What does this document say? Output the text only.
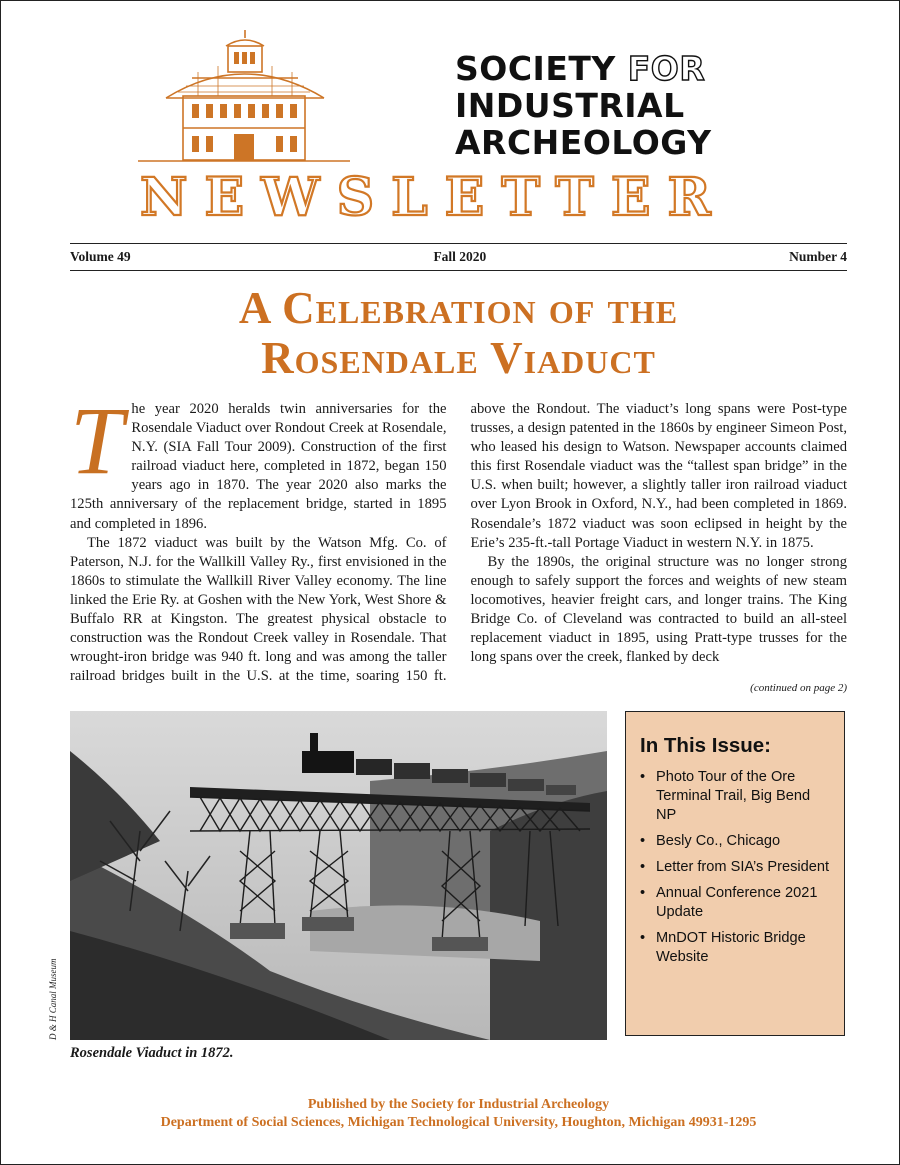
SOCIETY FOR
INDUSTRIAL
ARCHEOLOGY
NEWSLETTER
Volume 49	Fall 2020	Number 4
A Celebration of the
Rosendale Viaduct

The year 2020 heralds twin anniversaries for the Rosendale Viaduct over Rondout Creek at Rosendale, N.Y. (SIA Fall Tour 2009). Construction of the first railroad viaduct here, completed in 1872, began 150 years ago in 1870. The year 2020 also marks the 125th anniversary of the replacement bridge, started in 1895 and completed in 1896.

The 1872 viaduct was built by the Watson Mfg. Co. of Paterson, N.J. for the Wallkill Valley Ry., first envisioned in the 1860s to stimulate the Wallkill River Valley economy. The line linked the Erie Ry. at Goshen with the New York, West Shore & Buffalo RR at Kingston. The greatest physical obstacle to construction was the Rondout Creek valley in Rosendale. That wrought-iron bridge was 940 ft. long and was among the taller railroad bridges built in the U.S. at the time, soaring 150 ft. above the Rondout. The viaduct’s long spans were Post-type trusses, a design patented in the 1860s by engineer Simeon Post, who leased his design to Watson. Newspaper accounts claimed this first Rosendale viaduct was the “tallest span bridge” in the U.S. when built; however, a slightly taller iron railroad viaduct over Lyon Brook in Oxford, N.Y., had been completed in 1869. Rosendale’s 1872 viaduct was soon eclipsed in height by the Erie’s 235-ft.-tall Portage Viaduct in western N.Y. in 1875.

By the 1890s, the original structure was no longer strong enough to safely support the forces and weights of new steam locomotives, heavier freight cars, and longer trains. The King Bridge Co. of Cleveland was contracted to build an all-steel replacement viaduct in 1895, using Pratt-type trusses for the long spans over the creek, flanked by deck

(continued on page 2)
D & H Canal Museum
Rosendale Viaduct in 1872.
In This Issue:
• Photo Tour of the Ore Terminal Trail, Big Bend NP
• Besly Co., Chicago
• Letter from SIA’s President
• Annual Conference 2021 Update
• MnDOT Historic Bridge Website
Published by the Society for Industrial Archeology
Department of Social Sciences, Michigan Technological University, Houghton, Michigan 49931-1295
